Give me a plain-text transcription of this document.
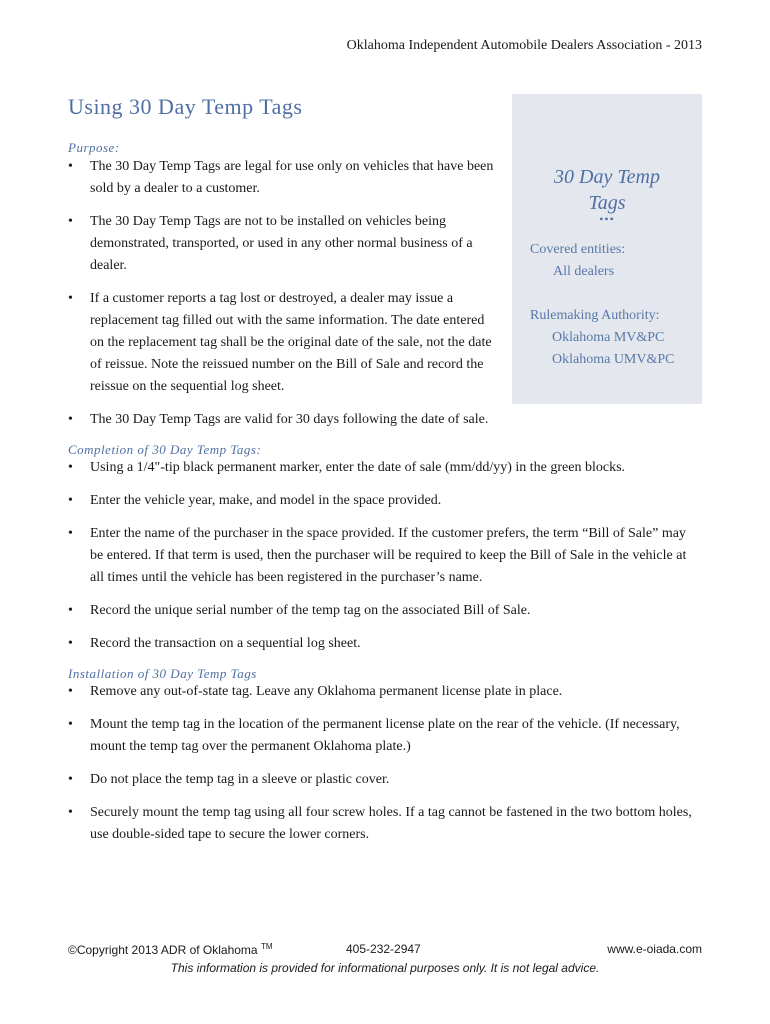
Oklahoma Independent Automobile Dealers Association - 2013
Using 30 Day Temp Tags
30 Day Temp
Tags
•••
Covered entities:
All dealers
Rulemaking Authority:
Oklahoma MV&PC
Oklahoma UMV&PC
Purpose:
• The 30 Day Temp Tags are legal for use only on vehicles that have been sold by a dealer to a customer.
• The 30 Day Temp Tags are not to be installed on vehicles being demonstrated, transported, or used in any other normal business of a dealer.
• If a customer reports a tag lost or destroyed, a dealer may issue a replacement tag filled out with the same information. The date entered on the replacement tag shall be the original date of the sale, not the date of reissue. Note the reissued number on the Bill of Sale and record the reissue on the sequential log sheet.
• The 30 Day Temp Tags are valid for 30 days following the date of sale.
Completion of 30 Day Temp Tags:
• Using a 1/4"-tip black permanent marker, enter the date of sale (mm/dd/yy) in the green blocks.
• Enter the vehicle year, make, and model in the space provided.
• Enter the name of the purchaser in the space provided. If the customer prefers, the term “Bill of Sale” may be entered. If that term is used, then the purchaser will be required to keep the Bill of Sale in the vehicle at all times until the vehicle has been registered in the purchaser’s name.
• Record the unique serial number of the temp tag on the associated Bill of Sale.
• Record the transaction on a sequential log sheet.
Installation of 30 Day Temp Tags
• Remove any out-of-state tag. Leave any Oklahoma permanent license plate in place.
• Mount the temp tag in the location of the permanent license plate on the rear of the vehicle. (If necessary, mount the temp tag over the permanent Oklahoma plate.)
• Do not place the temp tag in a sleeve or plastic cover.
• Securely mount the temp tag using all four screw holes. If a tag cannot be fastened in the two bottom holes, use double-sided tape to secure the lower corners.
©Copyright 2013 ADR of Oklahoma ™	405-232-2947	www.e-oiada.com
This information is provided for informational purposes only. It is not legal advice.
